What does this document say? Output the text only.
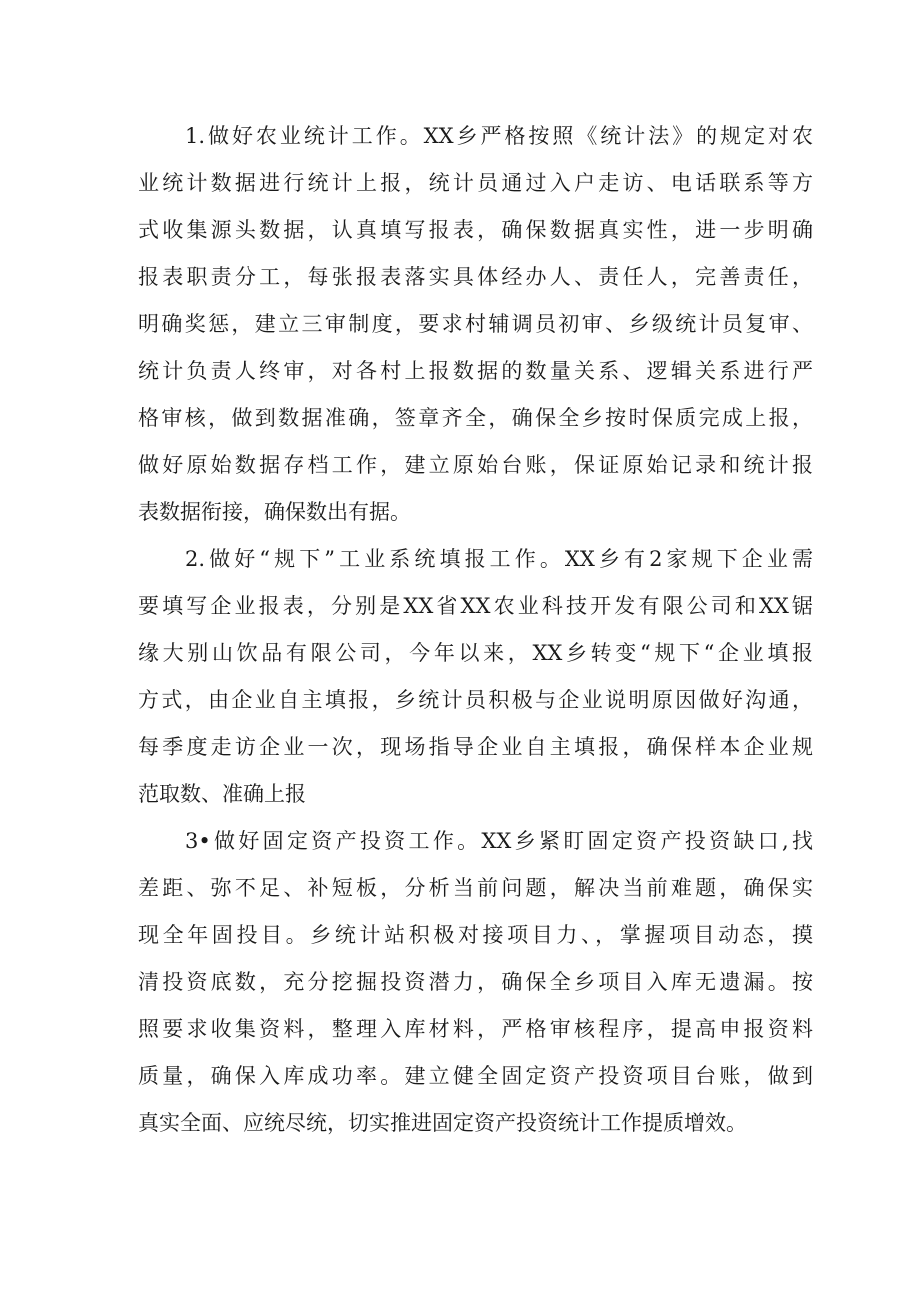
1.做好农业统计工作。XX乡严格按照《统计法》的规定对农
业统计数据进行统计上报，统计员通过入户走访、电话联系等方
式收集源头数据，认真填写报表，确保数据真实性，进一步明确
报表职责分工，每张报表落实具体经办人、责任人，完善责任，
明确奖惩，建立三审制度，要求村辅调员初审、乡级统计员复审、
统计负责人终审，对各村上报数据的数量关系、逻辑关系进行严
格审核，做到数据准确，签章齐全，确保全乡按时保质完成上报，
做好原始数据存档工作，建立原始台账，保证原始记录和统计报
表数据衔接，确保数出有据。
2.做好“规下”工业系统填报工作。XX乡有2家规下企业需
要填写企业报表，分别是XX省XX农业科技开发有限公司和XX锯
缘大别山饮品有限公司，今年以来，XX乡转变“规下“企业填报
方式，由企业自主填报，乡统计员积极与企业说明原因做好沟通，
每季度走访企业一次，现场指导企业自主填报，确保样本企业规
范取数、准确上报
3•做好固定资产投资工作。XX乡紧盯固定资产投资缺口,找
差距、弥不足、补短板，分析当前问题，解决当前难题，确保实
现全年固投目。乡统计站积极对接项目力、，掌握项目动态，摸
清投资底数，充分挖掘投资潜力，确保全乡项目入库无遗漏。按
照要求收集资料，整理入库材料，严格审核程序，提高申报资料
质量，确保入库成功率。建立健全固定资产投资项目台账，做到
真实全面、应统尽统，切实推进固定资产投资统计工作提质增效。
